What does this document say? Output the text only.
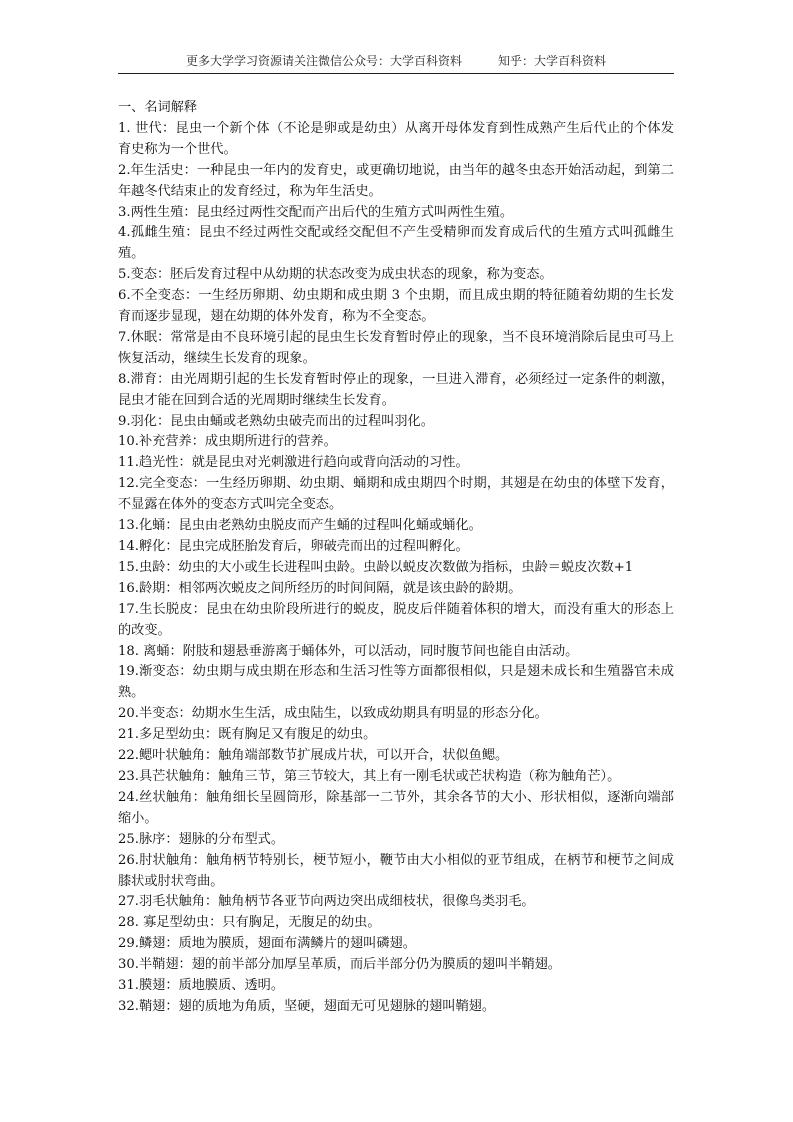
更多大学学习资源请关注微信公众号：大学百科资料	知乎：大学百科资料

一、名词解释

1. 世代：昆虫一个新个体（不论是卵或是幼虫）从离开母体发育到性成熟产生后代止的个体发育史称为一个世代。

2.年生活史：一种昆虫一年内的发育史，或更确切地说，由当年的越冬虫态开始活动起，到第二年越冬代结束止的发育经过，称为年生活史。

3.两性生殖：昆虫经过两性交配而产出后代的生殖方式叫两性生殖。

4.孤雌生殖：昆虫不经过两性交配或经交配但不产生受精卵而发育成后代的生殖方式叫孤雌生殖。

5.变态：胚后发育过程中从幼期的状态改变为成虫状态的现象，称为变态。

6.不全变态：一生经历卵期、幼虫期和成虫期 3 个虫期，而且成虫期的特征随着幼期的生长发育而逐步显现，翅在幼期的体外发育，称为不全变态。

7.休眠：常常是由不良环境引起的昆虫生长发育暂时停止的现象，当不良环境消除后昆虫可马上恢复活动，继续生长发育的现象。

8.滞育：由光周期引起的生长发育暂时停止的现象，一旦进入滞育，必须经过一定条件的刺激，昆虫才能在回到合适的光周期时继续生长发育。

9.羽化：昆虫由蛹或老熟幼虫破壳而出的过程叫羽化。

10.补充营养：成虫期所进行的营养。

11.趋光性：就是昆虫对光刺激进行趋向或背向活动的习性。

12.完全变态：一生经历卵期、幼虫期、蛹期和成虫期四个时期，其翅是在幼虫的体壁下发育，不显露在体外的变态方式叫完全变态。

13.化蛹：昆虫由老熟幼虫脱皮而产生蛹的过程叫化蛹或蛹化。

14.孵化：昆虫完成胚胎发育后，卵破壳而出的过程叫孵化。

15.虫龄：幼虫的大小或生长进程叫虫龄。虫龄以蜕皮次数做为指标，虫龄＝蜕皮次数+1

16.龄期：相邻两次蜕皮之间所经历的时间间隔，就是该虫龄的龄期。

17.生长脱皮：昆虫在幼虫阶段所进行的蜕皮，脱皮后伴随着体积的增大，而没有重大的形态上的改变。

18. 离蛹：附肢和翅悬垂游离于蛹体外，可以活动，同时腹节间也能自由活动。

19.渐变态：幼虫期与成虫期在形态和生活习性等方面都很相似，只是翅未成长和生殖器官未成熟。

20.半变态：幼期水生生活，成虫陆生，以致成幼期具有明显的形态分化。

21.多足型幼虫：既有胸足又有腹足的幼虫。

22.鳃叶状触角：触角端部数节扩展成片状，可以开合，状似鱼鳃。

23.具芒状触角：触角三节，第三节较大，其上有一刚毛状或芒状构造（称为触角芒）。

24.丝状触角：触角细长呈圆筒形，除基部一二节外，其余各节的大小、形状相似，逐渐向端部缩小。

25.脉序：翅脉的分布型式。

26.肘状触角：触角柄节特别长，梗节短小，鞭节由大小相似的亚节组成，在柄节和梗节之间成膝状或肘状弯曲。

27.羽毛状触角：触角柄节各亚节向两边突出成细枝状，很像鸟类羽毛。

28. 寡足型幼虫：只有胸足，无腹足的幼虫。

29.鳞翅：质地为膜质，翅面布满鳞片的翅叫磷翅。

30.半鞘翅：翅的前半部分加厚呈革质，而后半部分仍为膜质的翅叫半鞘翅。

31.膜翅：质地膜质、透明。

32.鞘翅：翅的质地为角质，坚硬，翅面无可见翅脉的翅叫鞘翅。
